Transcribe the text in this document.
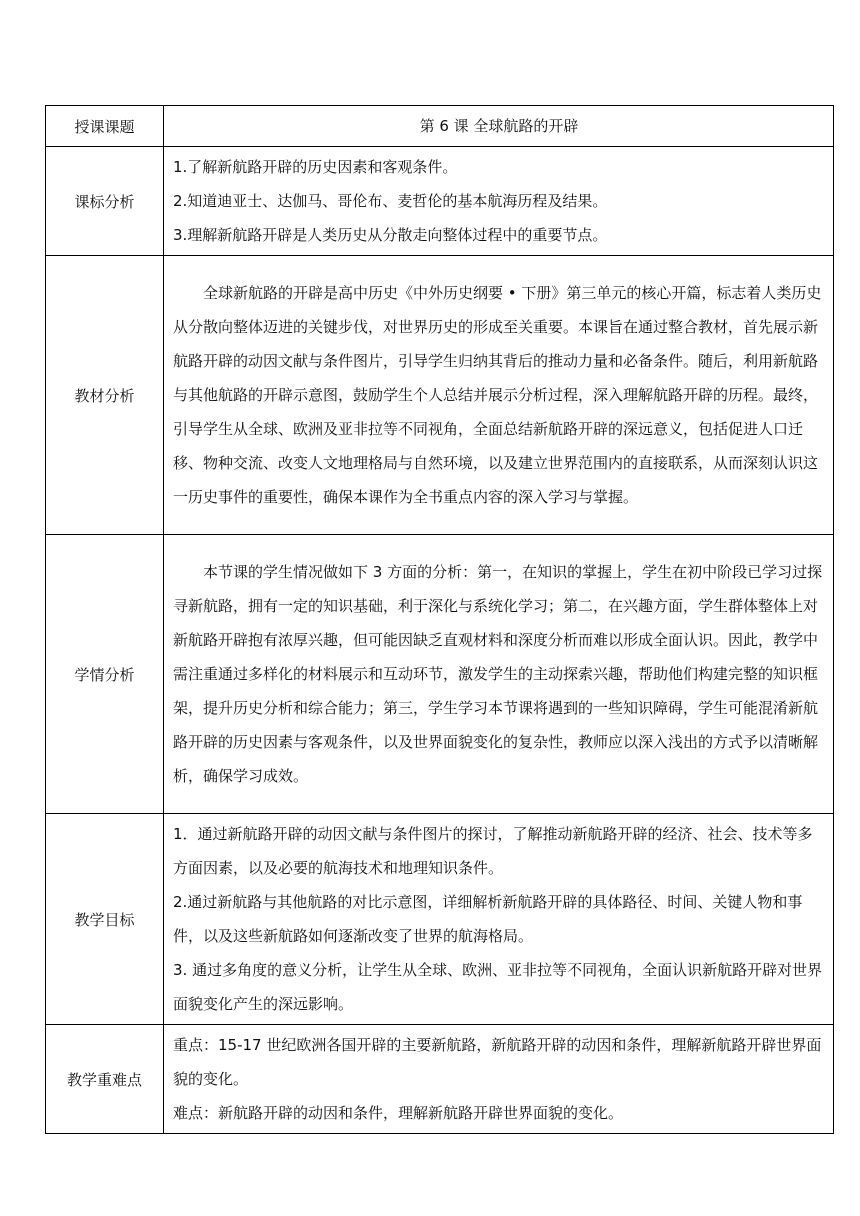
授课课题	第 6 课 全球航路的开辟
课标分析	1.了解新航路开辟的历史因素和客观条件。

2.知道迪亚士、达伽马、哥伦布、麦哲伦的基本航海历程及结果。

3.理解新航路开辟是人类历史从分散走向整体过程中的重要节点。

教材分析	全球新航路的开辟是高中历史《中外历史纲要 • 下册》第三单元的核心开篇，标志着人类历史从分散向整体迈进的关键步伐，对世界历史的形成至关重要。本课旨在通过整合教材，首先展示新航路开辟的动因文献与条件图片，引导学生归纳其背后的推动力量和必备条件。随后，利用新航路与其他航路的开辟示意图，鼓励学生个人总结并展示分析过程，深入理解航路开辟的历程。最终，引导学生从全球、欧洲及亚非拉等不同视角，全面总结新航路开辟的深远意义，包括促进人口迁移、物种交流、改变人文地理格局与自然环境，以及建立世界范围内的直接联系，从而深刻认识这一历史事件的重要性，确保本课作为全书重点内容的深入学习与掌握。

学情分析	本节课的学生情况做如下 3 方面的分析：第一，在知识的掌握上，学生在初中阶段已学习过探寻新航路，拥有一定的知识基础，利于深化与系统化学习；第二，在兴趣方面，学生群体整体上对新航路开辟抱有浓厚兴趣，但可能因缺乏直观材料和深度分析而难以形成全面认识。因此，教学中需注重通过多样化的材料展示和互动环节，激发学生的主动探索兴趣，帮助他们构建完整的知识框架，提升历史分析和综合能力；第三，学生学习本节课将遇到的一些知识障碍，学生可能混淆新航路开辟的历史因素与客观条件，以及世界面貌变化的复杂性，教师应以深入浅出的方式予以清晰解析，确保学习成效。

教学目标	1．通过新航路开辟的动因文献与条件图片的探讨，了解推动新航路开辟的经济、社会、技术等多方面因素，以及必要的航海技术和地理知识条件。

2.通过新航路与其他航路的对比示意图，详细解析新航路开辟的具体路径、时间、关键人物和事件，以及这些新航路如何逐渐改变了世界的航海格局。

3. 通过多角度的意义分析，让学生从全球、欧洲、亚非拉等不同视角，全面认识新航路开辟对世界面貌变化产生的深远影响。

教学重难点	重点：15-17 世纪欧洲各国开辟的主要新航路，新航路开辟的动因和条件，理解新航路开辟世界面貌的变化。

难点：新航路开辟的动因和条件，理解新航路开辟世界面貌的变化。
